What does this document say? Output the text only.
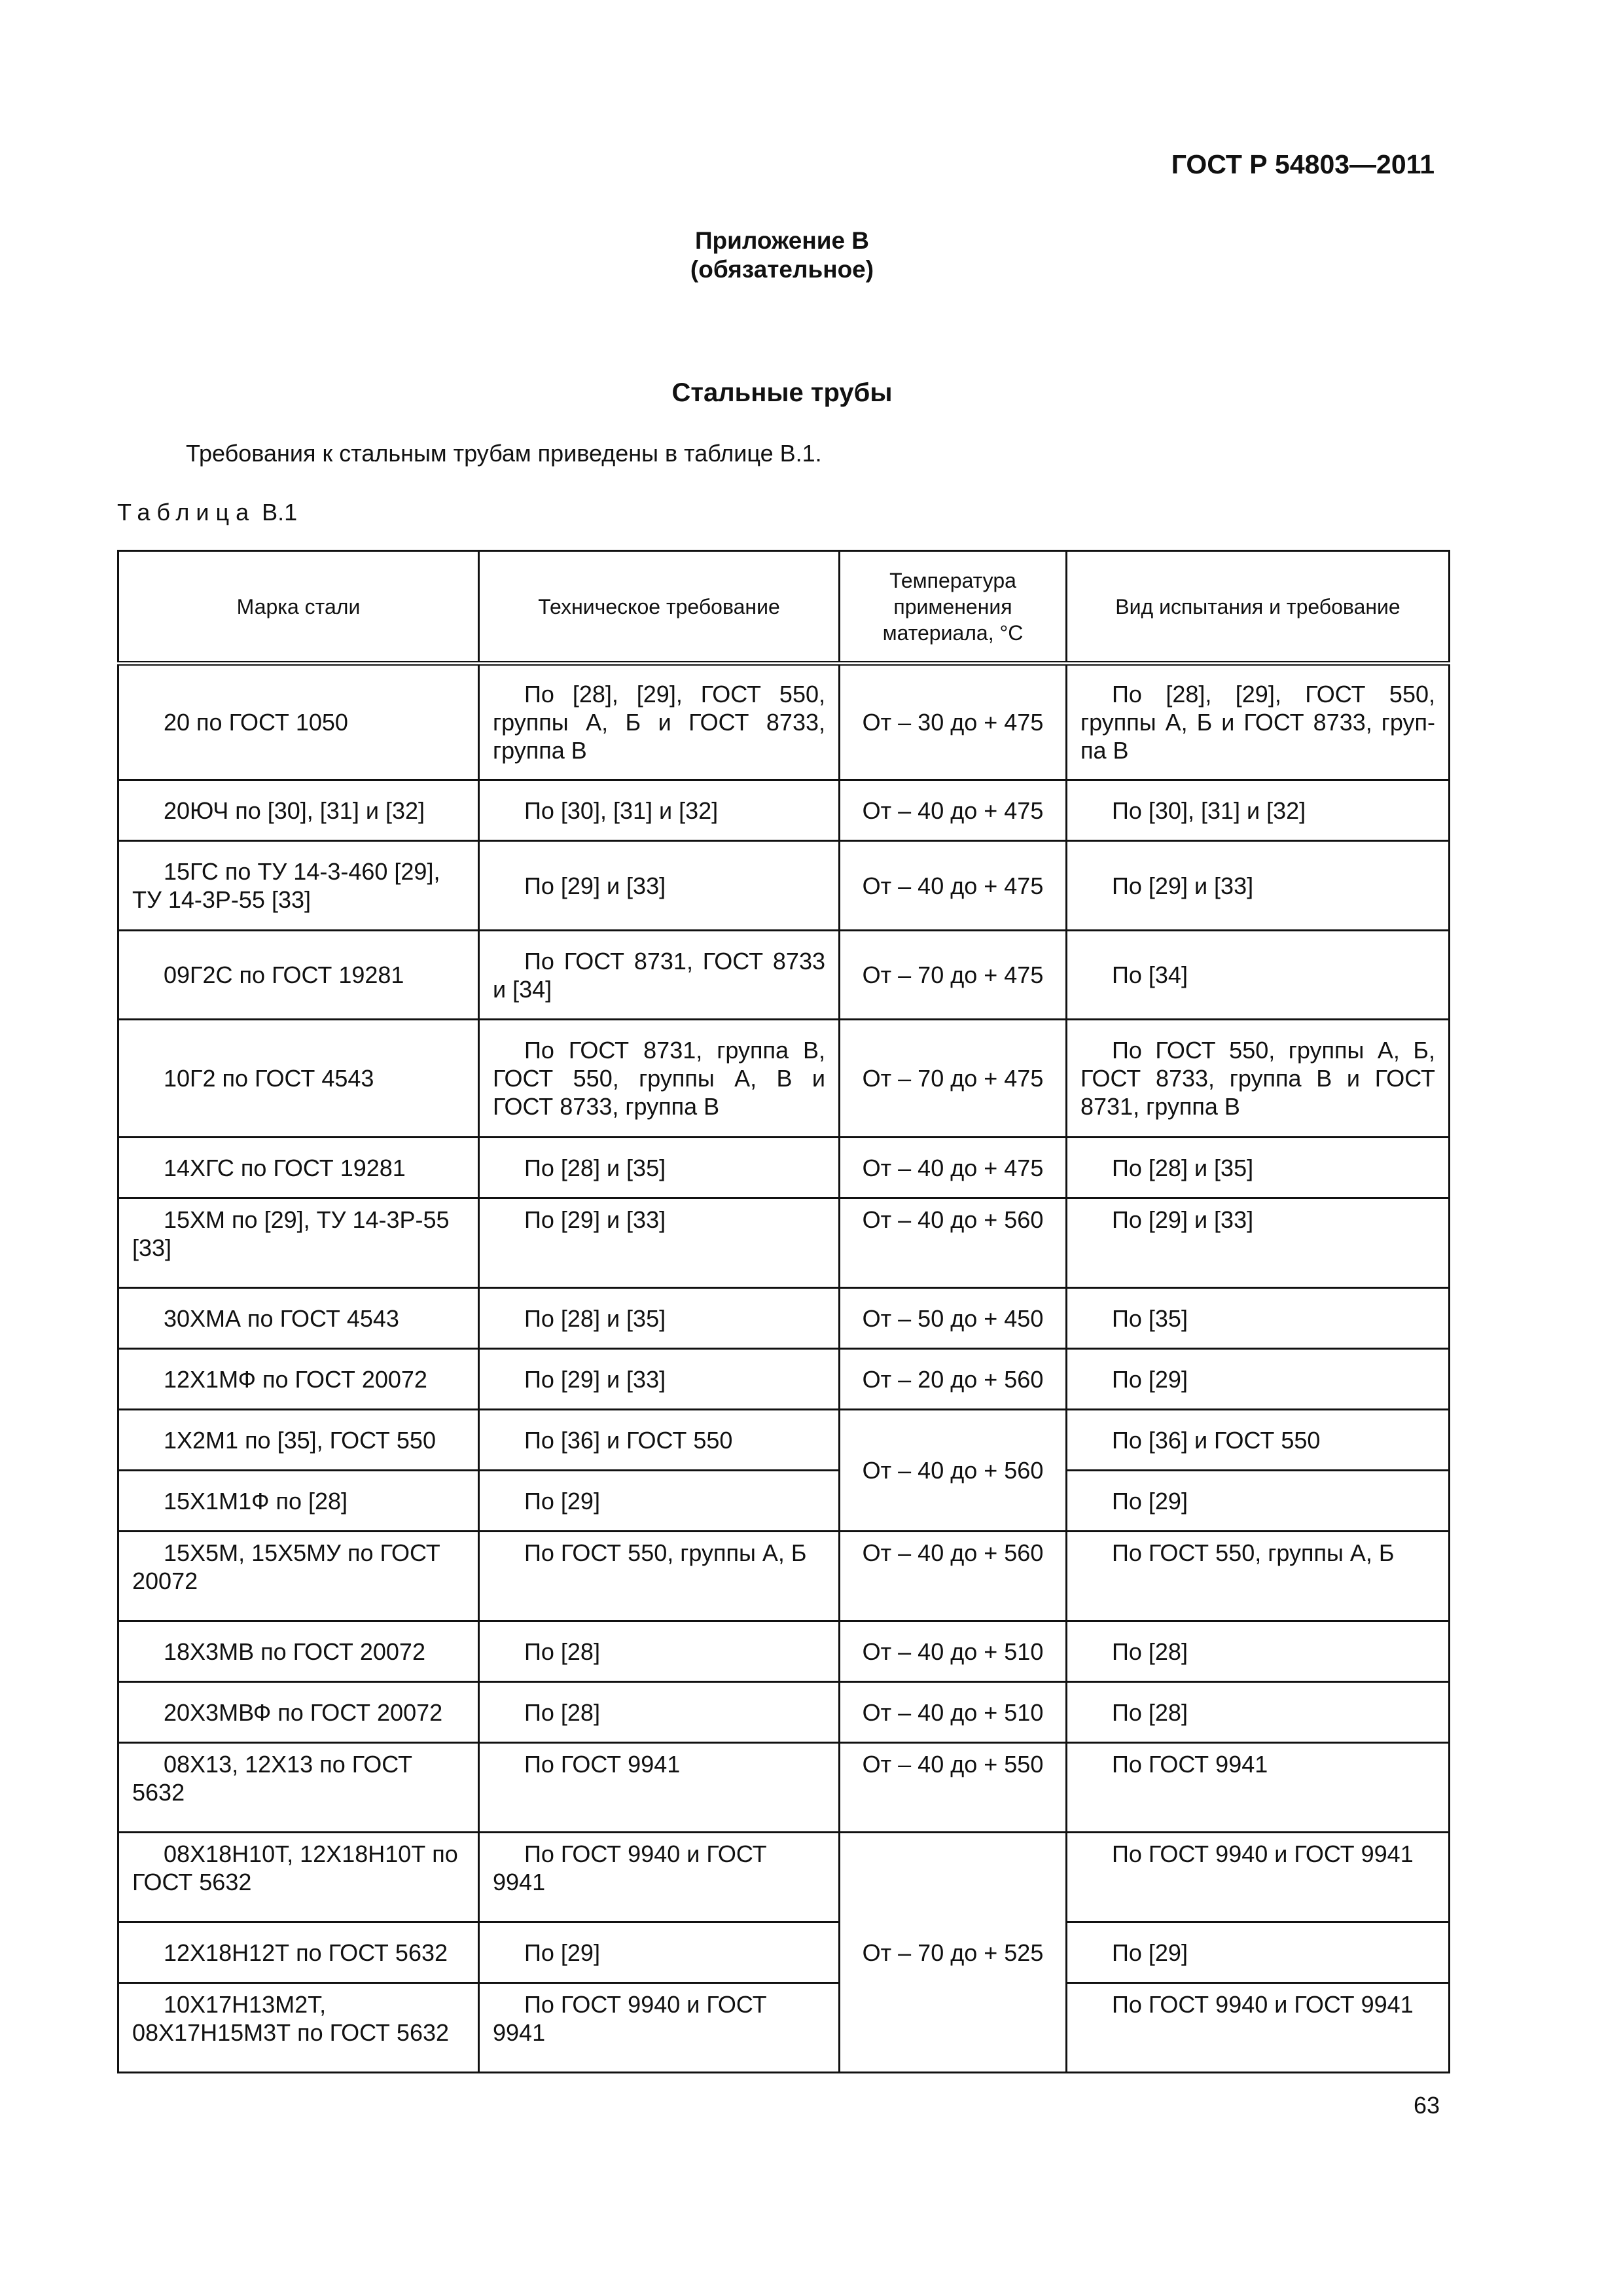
ГОСТ Р 54803—2011
Приложение В
(обязательное)
Стальные трубы
Требования к стальным трубам приведены в таблице В.1.
Таблица В.1
Марка стали	Техническое требование	Температура применения материала, °С	Вид испытания и требование
20 по ГОСТ 1050	По [28], [29], ГОСТ 550, группы А, Б и ГОСТ 8733, группа В	От – 30 до + 475	По [28], [29], ГОСТ 550, группы А, Б и ГОСТ 8733, груп-па В
20ЮЧ по [30], [31] и [32]	По [30], [31] и [32]	От – 40 до + 475	По [30], [31] и [32]
15ГС по ТУ 14-3-460 [29], ТУ 14-3Р-55 [33]	По [29] и [33]	От – 40 до + 475	По [29] и [33]
09Г2С по ГОСТ 19281	По ГОСТ 8731, ГОСТ 8733 и [34]	От – 70 до + 475	По [34]
10Г2 по ГОСТ 4543	По ГОСТ 8731, группа В, ГОСТ 550, группы А, В и ГОСТ 8733, группа В	От – 70 до + 475	По ГОСТ 550, группы А, Б, ГОСТ 8733, группа В и ГОСТ 8731, группа В
14ХГС по ГОСТ 19281	По [28] и [35]	От – 40 до + 475	По [28] и [35]
15ХМ по [29], ТУ 14-3Р-55 [33]	По [29] и [33]	От – 40 до + 560	По [29] и [33]
30ХМА по ГОСТ 4543	По [28] и [35]	От – 50 до + 450	По [35]
12Х1МФ по ГОСТ 20072	По [29] и [33]	От – 20 до + 560	По [29]
1Х2М1 по [35], ГОСТ 550	По [36] и ГОСТ 550	От – 40 до + 560	По [36] и ГОСТ 550
15Х1М1Ф по [28]	По [29]		По [29]
15Х5М, 15Х5МУ по ГОСТ 20072	По ГОСТ 550, группы А, Б	От – 40 до + 560	По ГОСТ 550, группы А, Б
18Х3МВ по ГОСТ 20072	По [28]	От – 40 до + 510	По [28]
20Х3МВФ по ГОСТ 20072	По [28]	От – 40 до + 510	По [28]
08Х13, 12Х13 по ГОСТ 5632	По ГОСТ 9941	От – 40 до + 550	По ГОСТ 9941
08Х18Н10Т, 12Х18Н10Т по ГОСТ 5632	По ГОСТ 9940 и ГОСТ 9941	От – 70 до + 525	По ГОСТ 9940 и ГОСТ 9941
12Х18Н12Т по ГОСТ 5632	По [29]		По [29]
10Х17Н13М2Т, 08Х17Н15М3Т по ГОСТ 5632	По ГОСТ 9940 и ГОСТ 9941		По ГОСТ 9940 и ГОСТ 9941
63
